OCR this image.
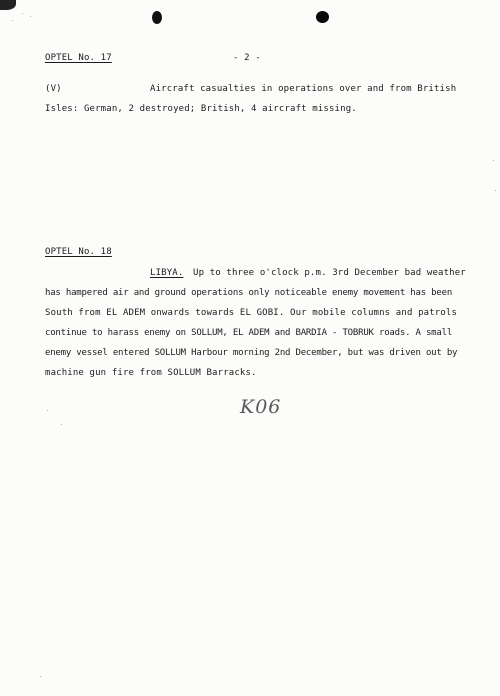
OPTEL No. 17	- 2 -
(V)	Aircraft casualties in operations over and from British
Isles: German, 2 destroyed; British, 4 aircraft missing.
OPTEL No. 18
LIBYA. Up to three o'clock p.m. 3rd December bad weather
has hampered air and ground operations only noticeable enemy movement has been
South from EL ADEM onwards towards EL GOBI. Our mobile columns and patrols
continue to harass enemy on SOLLUM, EL ADEM and BARDIA - TOBRUK roads. A small
enemy vessel entered SOLLUM Harbour morning 2nd December, but was driven out by
machine gun fire from SOLLUM Barracks.
K06
